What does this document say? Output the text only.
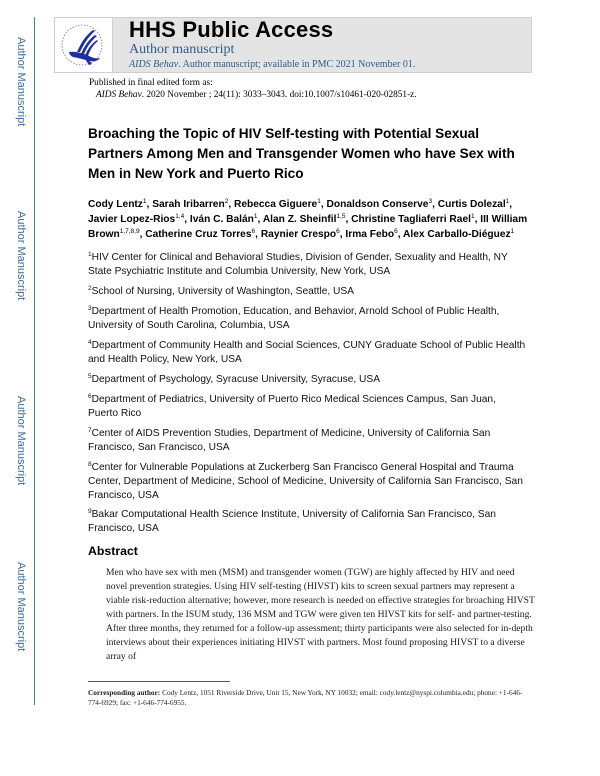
Author Manuscript
Author Manuscript
Author Manuscript
Author Manuscript
HHS Public Access
Author manuscript
AIDS Behav. Author manuscript; available in PMC 2021 November 01.
Published in final edited form as:
AIDS Behav. 2020 November ; 24(11): 3033–3043. doi:10.1007/s10461-020-02851-z.
Broaching the Topic of HIV Self-testing with Potential Sexual Partners Among Men and Transgender Women who have Sex with Men in New York and Puerto Rico
Cody Lentz$^1$, Sarah Iribarren$^2$, Rebecca Giguere$^1$, Donaldson Conserve$^3$, Curtis Dolezal$^1$, Javier Lopez-Rios$^{1,4}$, Iván C. Balán$^1$, Alan Z. Sheinfil$^{1,5}$, Christine Tagliaferri Rael$^1$, III William Brown$^{1,7,8,9}$, Catherine Cruz Torres$^6$, Raynier Crespo$^6$, Irma Febo$^6$, Alex Carballo-Diéguez$^1$
$^1$HIV Center for Clinical and Behavioral Studies, Division of Gender, Sexuality and Health, NY State Psychiatric Institute and Columbia University, New York, USA
$^2$School of Nursing, University of Washington, Seattle, USA
$^3$Department of Health Promotion, Education, and Behavior, Arnold School of Public Health, University of South Carolina, Columbia, USA
$^4$Department of Community Health and Social Sciences, CUNY Graduate School of Public Health and Health Policy, New York, USA
$^5$Department of Psychology, Syracuse University, Syracuse, USA
$^6$Department of Pediatrics, University of Puerto Rico Medical Sciences Campus, San Juan, Puerto Rico
$^7$Center of AIDS Prevention Studies, Department of Medicine, University of California San Francisco, San Francisco, USA
$^8$Center for Vulnerable Populations at Zuckerberg San Francisco General Hospital and Trauma Center, Department of Medicine, School of Medicine, University of California San Francisco, San Francisco, USA
$^9$Bakar Computational Health Science Institute, University of California San Francisco, San Francisco, USA
Abstract
Men who have sex with men (MSM) and transgender women (TGW) are highly affected by HIV and need novel prevention strategies. Using HIV self-testing (HIVST) kits to screen sexual partners may represent a viable risk-reduction alternative; however, more research is needed on effective strategies for broaching HIVST with partners. In the ISUM study, 136 MSM and TGW were given ten HIVST kits for self- and partner-testing. After three months, they returned for a follow-up assessment; thirty participants were also selected for in-depth interviews about their experiences initiating HIVST with partners. Most found proposing HIVST to a diverse array of
Corresponding author: Cody Lentz, 1051 Riverside Drive, Unit 15, New York, NY 10032; email: cody.lentz@nyspi.columbia.edu; phone: +1-646-774-6929; fax: +1-646-774-6955.
